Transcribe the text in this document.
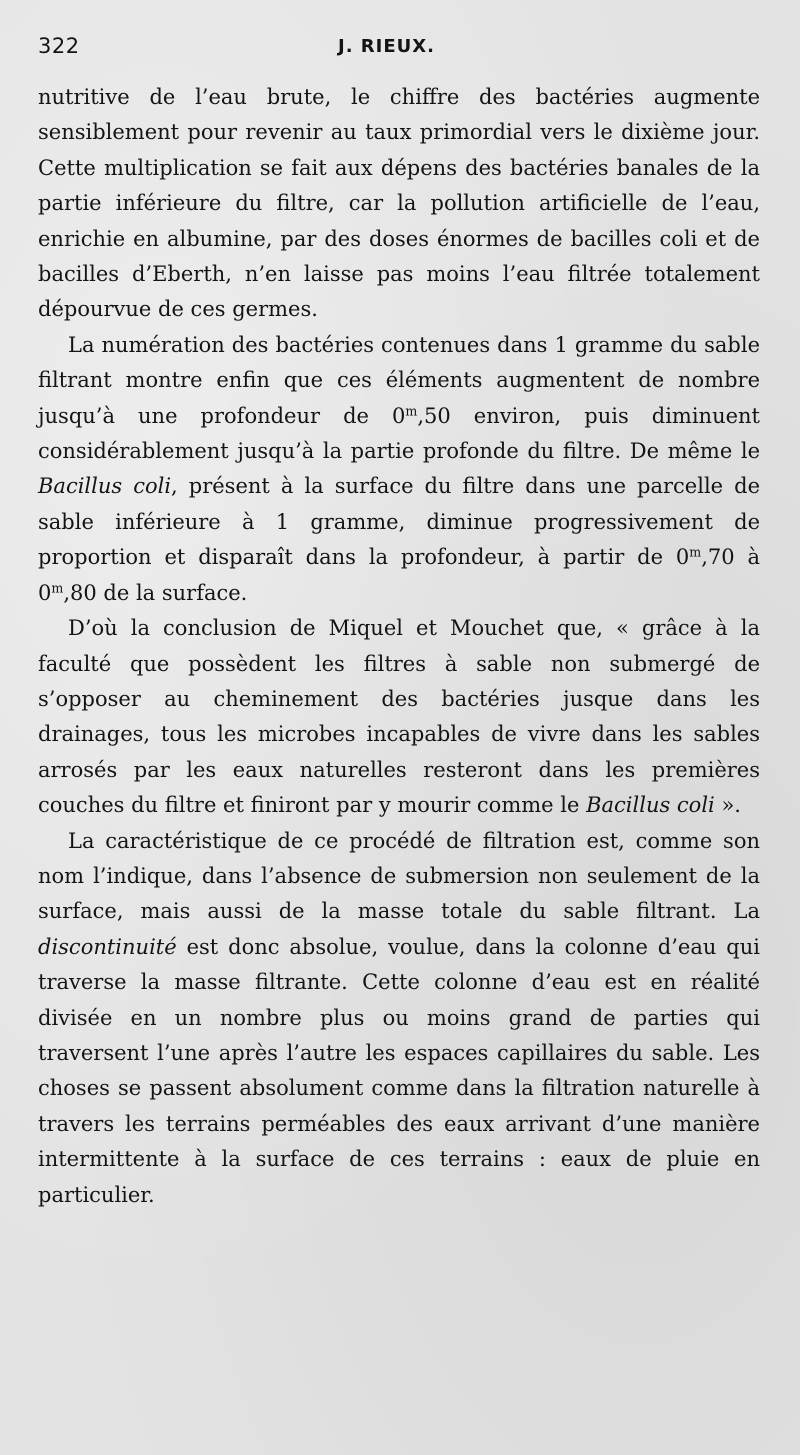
322	J. RIEUX.

nutritive de l’eau brute, le chiffre des bactéries augmente sensiblement pour revenir au taux primordial vers le dixième jour. Cette multiplication se fait aux dépens des bactéries banales de la partie inférieure du filtre, car la pollution artificielle de l’eau, enrichie en albumine, par des doses énormes de bacilles coli et de bacilles d’Eberth, n’en laisse pas moins l’eau filtrée totalement dépourvue de ces germes.

La numération des bactéries contenues dans 1 gramme du sable filtrant montre enfin que ces éléments augmentent de nombre jusqu’à une profondeur de 0$^m$,50 environ, puis diminuent considérablement jusqu’à la partie profonde du filtre. De même le Bacillus coli, présent à la surface du filtre dans une parcelle de sable inférieure à 1 gramme, diminue progressivement de proportion et disparaît dans la profondeur, à partir de 0$^m$,70 à 0$^m$,80 de la surface.

D’où la conclusion de Miquel et Mouchet que, « grâce à la faculté que possèdent les filtres à sable non submergé de s’opposer au cheminement des bactéries jusque dans les drainages, tous les microbes incapables de vivre dans les sables arrosés par les eaux naturelles resteront dans les premières couches du filtre et finiront par y mourir comme le Bacillus coli ».

La caractéristique de ce procédé de filtration est, comme son nom l’indique, dans l’absence de submersion non seulement de la surface, mais aussi de la masse totale du sable filtrant. La discontinuité est donc absolue, voulue, dans la colonne d’eau qui traverse la masse filtrante. Cette colonne d’eau est en réalité divisée en un nombre plus ou moins grand de parties qui traversent l’une après l’autre les espaces capillaires du sable. Les choses se passent absolument comme dans la filtration naturelle à travers les terrains perméables des eaux arrivant d’une manière intermittente à la surface de ces terrains : eaux de pluie en particulier.
